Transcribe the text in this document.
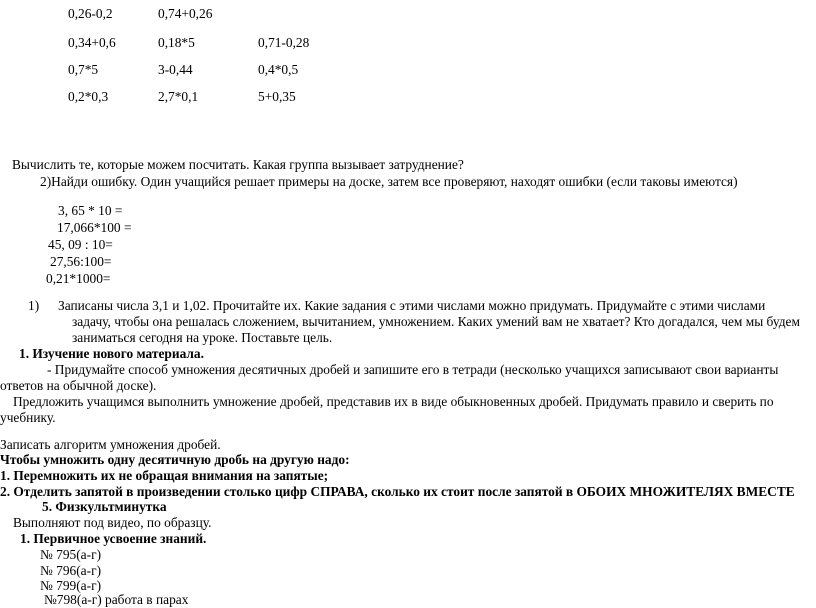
0,26-0,2	0,74+0,26
0,34+0,6	0,18*5	0,71-0,28
0,7*5	3-0,44	0,4*0,5
0,2*0,3	2,7*0,1	5+0,35
Вычислить те, которые можем посчитать. Какая группа вызывает затруднение?
2)Найди ошибку. Один учащийся решает примеры на доске, затем все проверяют, находят ошибки (если таковы имеются)
3, 65 * 10 =
17,066*100 =
45, 09 : 10=
27,56:100=
0,21*1000=
1) Записаны числа 3,1 и 1,02. Прочитайте их. Какие задания с этими числами можно придумать. Придумайте с этими числами
задачу, чтобы она решалась сложением, вычитанием, умножением. Каких умений вам не хватает? Кто догадался, чем мы будем
заниматься сегодня на уроке. Поставьте цель.
1. Изучение нового материала.
- Придумайте способ умножения десятичных дробей и запишите его в тетради (несколько учащихся записывают свои варианты
ответов на обычной доске).
Предложить учащимся выполнить умножение дробей, представив их в виде обыкновенных дробей. Придумать правило и сверить по
учебнику.
Записать алгоритм умножения дробей.
Чтобы умножить одну десятичную дробь на другую надо:
1. Перемножить их не обращая внимания на запятые;
2. Отделить запятой в произведении столько цифр СПРАВА, сколько их стоит после запятой в ОБОИХ МНОЖИТЕЛЯХ ВМЕСТЕ
5. Физкультминутка
Выполняют под видео, по образцу.
1. Первичное усвоение знаний.
№ 795(а-г)
№ 796(а-г)
№ 799(а-г)
№798(а-г) работа в парах
